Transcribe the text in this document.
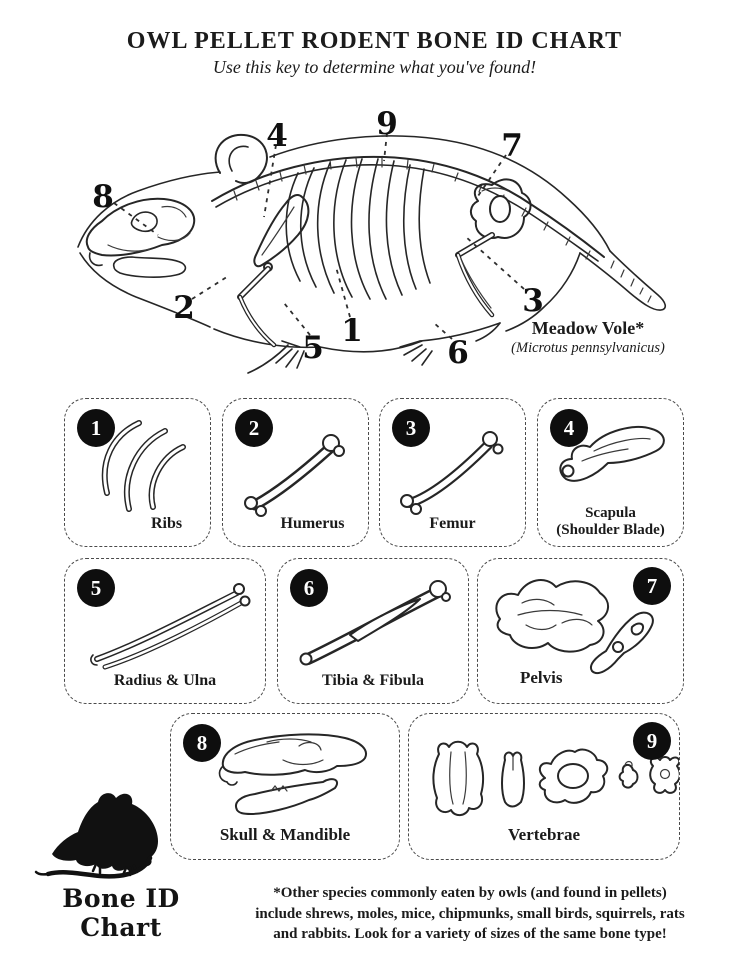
OWL PELLET RODENT BONE ID CHART
Use this key to determine what you've found!
8
4	9
7
2
5 1
6
3
Meadow Vole*
(Microtus pennsylvanicus)
1
Ribs
2
Humerus
3
Femur
4
Scapula
(Shoulder Blade)
5
Radius & Ulna
6
Tibia & Fibula
7
Pelvis
8
Skull & Mandible
9
Vertebrae
Bone ID Chart
*Other species commonly eaten by owls (and found in pellets)
include shrews, moles, mice, chipmunks, small birds, squirrels, rats
and rabbits. Look for a variety of sizes of the same bone type!
